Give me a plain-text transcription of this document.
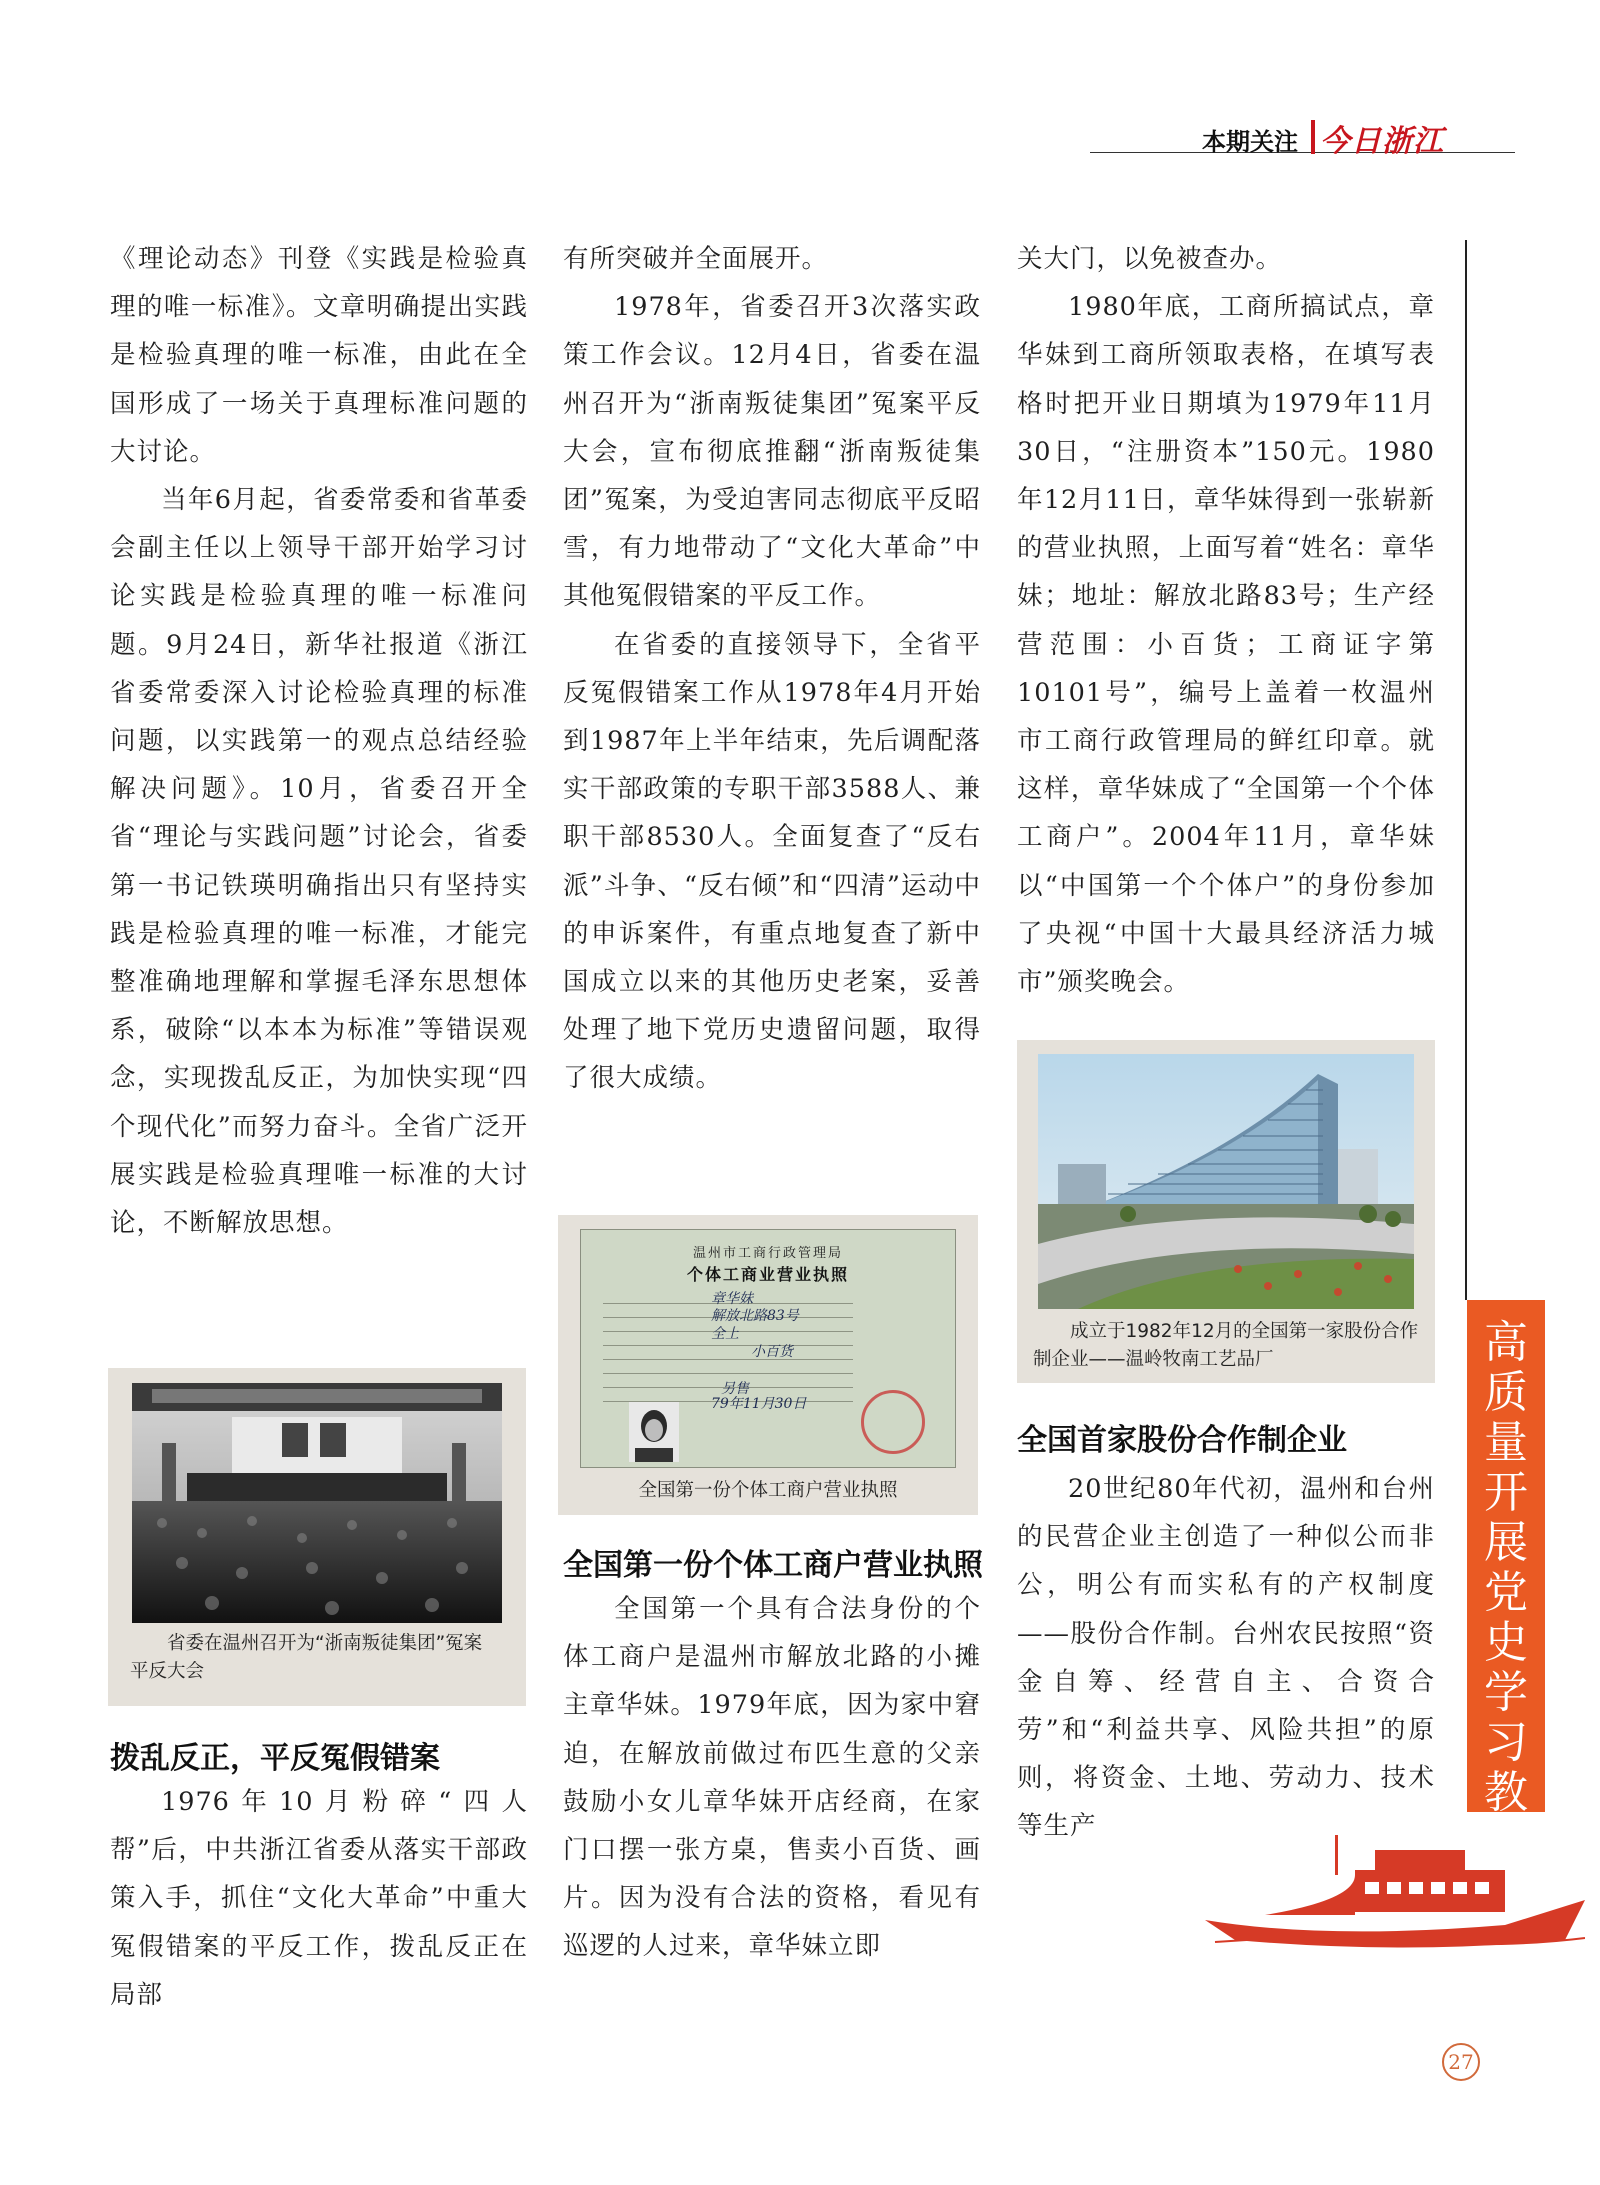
本期关注 今日浙江

《理论动态》刊登《实践是检验真理的唯一标准》。文章明确提出实践是检验真理的唯一标准，由此在全国形成了一场关于真理标准问题的大讨论。

当年6月起，省委常委和省革委会副主任以上领导干部开始学习讨论实践是检验真理的唯一标准问题。9月24日，新华社报道《浙江省委常委深入讨论检验真理的标准问题，以实践第一的观点总结经验解决问题》。10月，省委召开全省“理论与实践问题”讨论会，省委第一书记铁瑛明确指出只有坚持实践是检验真理的唯一标准，才能完整准确地理解和掌握毛泽东思想体系，破除“以本本为标准”等错误观念，实现拨乱反正，为加快实现“四个现代化”而努力奋斗。全省广泛开展实践是检验真理唯一标准的大讨论，不断解放思想。

省委在温州召开为“浙南叛徒集团”冤案平反大会
拨乱反正，平反冤假错案

1976年10月粉碎“四人帮”后，中共浙江省委从落实干部政策入手，抓住“文化大革命”中重大冤假错案的平反工作，拨乱反正在局部

有所突破并全面展开。

1978年，省委召开3次落实政策工作会议。12月4日，省委在温州召开为“浙南叛徒集团”冤案平反大会，宣布彻底推翻“浙南叛徒集团”冤案，为受迫害同志彻底平反昭雪，有力地带动了“文化大革命”中其他冤假错案的平反工作。

在省委的直接领导下，全省平反冤假错案工作从1978年4月开始到1987年上半年结束，先后调配落实干部政策的专职干部3588人、兼职干部8530人。全面复查了“反右派”斗争、“反右倾”和“四清”运动中的申诉案件，有重点地复查了新中国成立以来的其他历史老案，妥善处理了地下党历史遗留问题，取得了很大成绩。

温州市工商行政管理局
个体工商业营业执照
章华妹
解放北路83号
全上
小百货
另售
79年11月30日
全国第一份个体工商户营业执照
全国第一份个体工商户营业执照

全国第一个具有合法身份的个体工商户是温州市解放北路的小摊主章华妹。1979年底，因为家中窘迫，在解放前做过布匹生意的父亲鼓励小女儿章华妹开店经商，在家门口摆一张方桌，售卖小百货、画片。因为没有合法的资格，看见有巡逻的人过来，章华妹立即

关大门，以免被查办。

1980年底，工商所搞试点，章华妹到工商所领取表格，在填写表格时把开业日期填为1979年11月30日，“注册资本”150元。1980年12月11日，章华妹得到一张崭新的营业执照，上面写着“姓名：章华妹；地址：解放北路83号；生产经营范围：小百货；工商证字第10101号”，编号上盖着一枚温州市工商行政管理局的鲜红印章。就这样，章华妹成了“全国第一个个体工商户”。2004年11月，章华妹以“中国第一个个体户”的身份参加了央视“中国十大最具经济活力城市”颁奖晚会。

成立于1982年12月的全国第一家股份合作制企业——温岭牧南工艺品厂
全国首家股份合作制企业

20世纪80年代初，温州和台州的民营企业主创造了一种似公而非公，明公有而实私有的产权制度——股份合作制。台州农民按照“资金自筹、经营自主、合资合劳”和“利益共享、风险共担”的原则，将资金、土地、劳动力、技术等生产

高质量开展党史学习教育
27
